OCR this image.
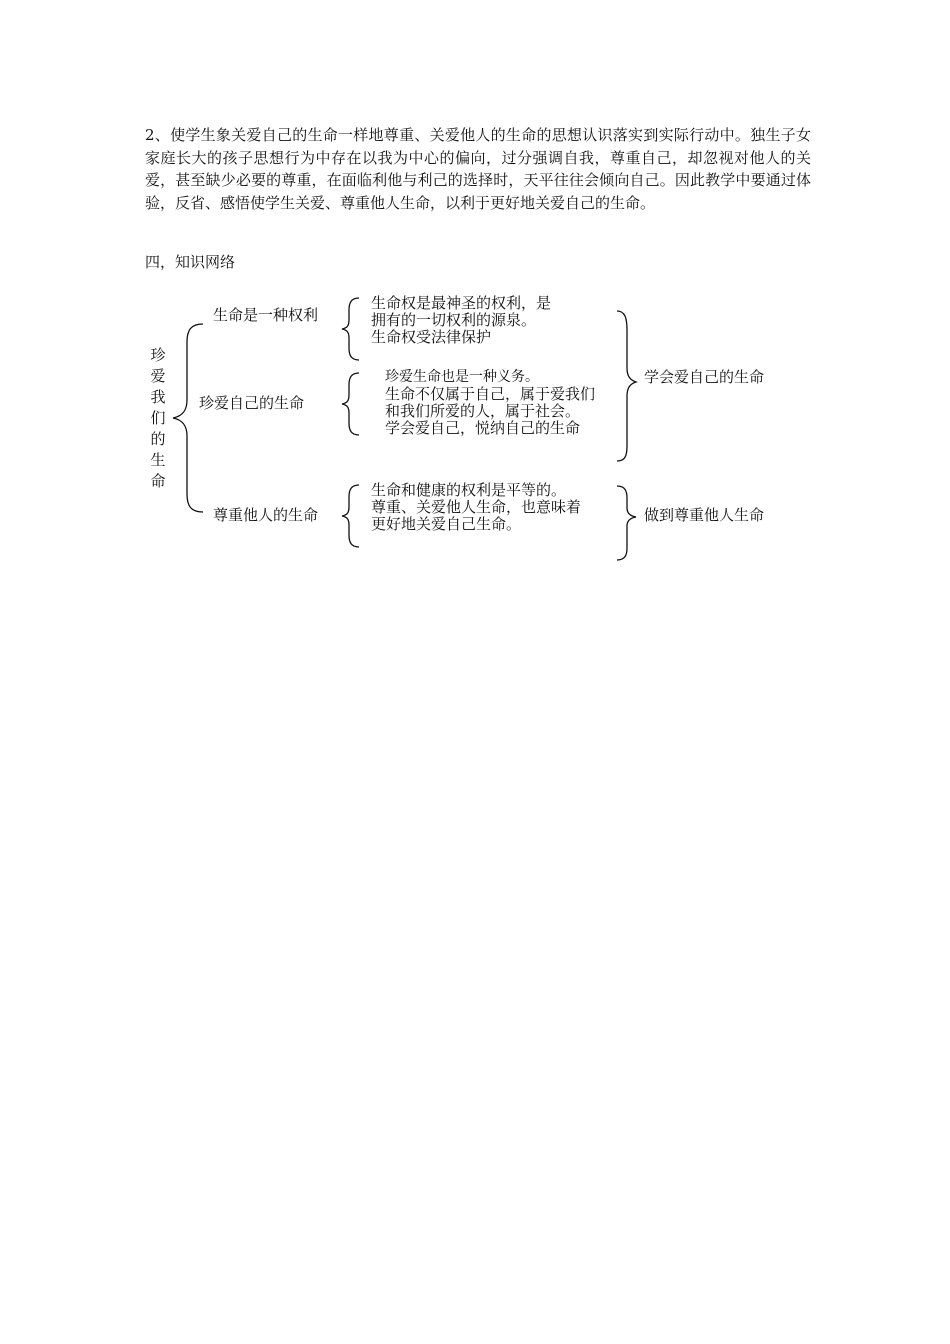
2、使学生象关爱自己的生命一样地尊重、关爱他人的生命的思想认识落实到实际行动中。独生子女家庭长大的孩子思想行为中存在以我为中心的偏向，过分强调自我，尊重自己，却忽视对他人的关爱，甚至缺少必要的尊重，在面临利他与利己的选择时，天平往往会倾向自己。因此教学中要通过体验，反省、感悟使学生关爱、尊重他人生命，以利于更好地关爱自己的生命。

四，知识网络

珍
爱
我
们
的
生
命
生命是一种权利
珍爱自己的生命
尊重他人的生命
生命权是最神圣的权利，是
拥有的一切权利的源泉。
生命权受法律保护
珍爱生命也是一种义务。
生命不仅属于自己，属于爱我们
和我们所爱的人，属于社会。
学会爱自己，悦纳自己的生命
生命和健康的权利是平等的。
尊重、关爱他人生命，也意味着
更好地关爱自己生命。
学会爱自己的生命
做到尊重他人生命
